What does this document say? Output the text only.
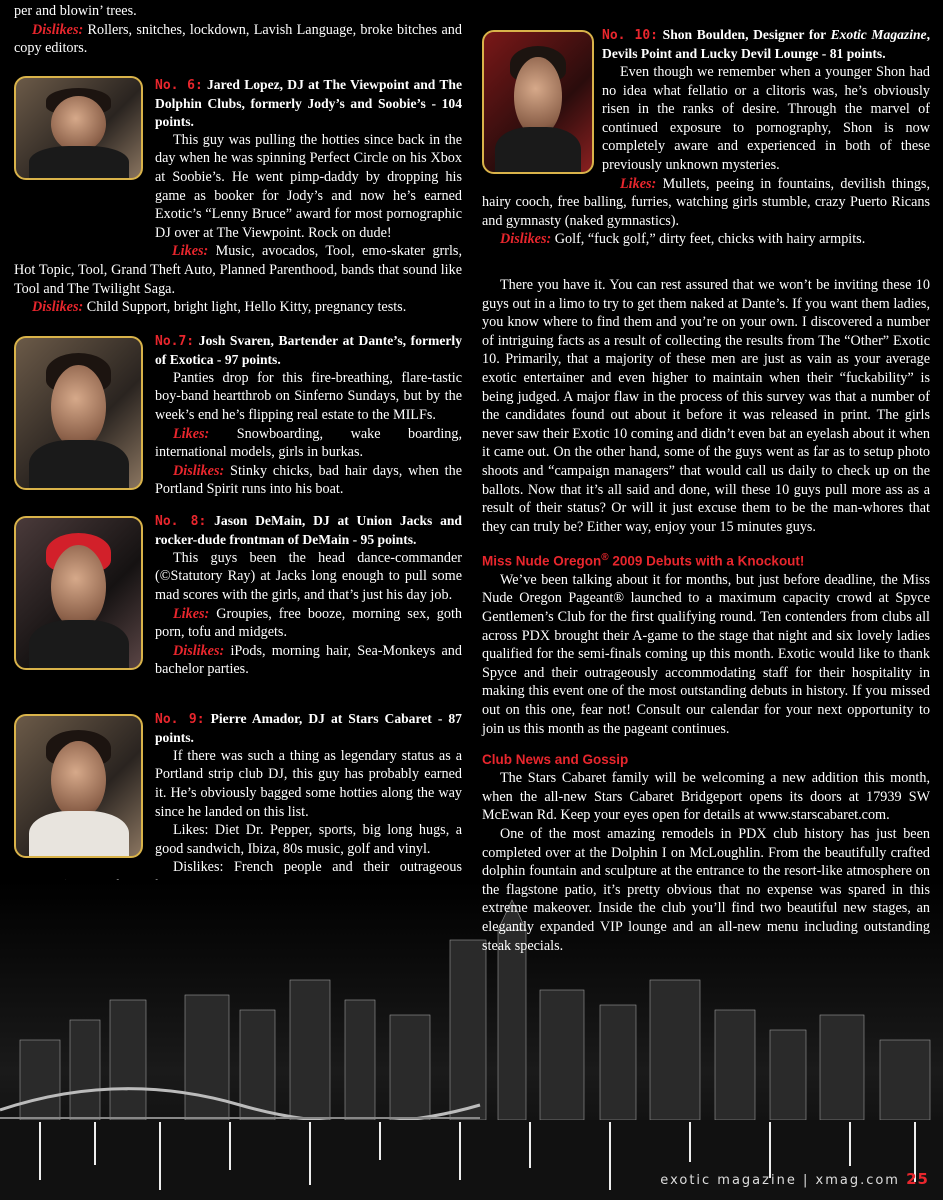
per and blowin’ trees.

Dislikes: Rollers, snitches, lockdown, Lavish Language, broke bitches and copy editors.

No. 6: Jared Lopez, DJ at The Viewpoint and The Dolphin Clubs, formerly Jody’s and Soobie’s - 104 points.

This guy was pulling the hotties since back in the day when he was spinning Perfect Circle on his Xbox at Soobie’s. He went pimp-daddy by dropping his game as booker for Jody’s and now he’s earned Exotic’s “Lenny Bruce” award for most pornographic DJ over at The Viewpoint. Rock on dude!

Likes: Music, avocados, Tool, emo-skater grrls, Hot Topic, Tool, Grand Theft Auto, Planned Parenthood, bands that sound like Tool and The Twilight Saga.

Dislikes: Child Support, bright light, Hello Kitty, pregnancy tests.

No.7: Josh Svaren, Bartender at Dante’s, formerly of Exotica - 97 points.

Panties drop for this fire-breathing, flare-tastic boy-band heartthrob on Sinferno Sundays, but by the week’s end he’s flipping real estate to the MILFs.

Likes: Snowboarding, wake boarding, international models, girls in burkas.

Dislikes: Stinky chicks, bad hair days, when the Portland Spirit runs into his boat.

No. 8: Jason DeMain, DJ at Union Jacks and rocker-dude frontman of DeMain - 95 points.

This guys been the head dance-commander (©Statutory Ray) at Jacks long enough to pull some mad scores with the girls, and that’s just his day job.

Likes: Groupies, free booze, morning sex, goth porn, tofu and midgets.

Dislikes: iPods, morning hair, Sea-Monkeys and bachelor parties.

No. 9: Pierre Amador, DJ at Stars Cabaret - 87 points.

If there was such a thing as legendary status as a Portland strip club DJ, this guy has probably earned it. He’s obviously bagged some hotties along the way since he landed on this list.

Likes: Diet Dr. Pepper, sports, big long hugs, a good sandwich, Ibiza, 80s music, golf and vinyl.

Dislikes: French people and their outrageous

No. 10: Shon Boulden, Designer for Exotic Magazine, Devils Point and Lucky Devil Lounge - 81 points.

Even though we remember when a younger Shon had no idea what fellatio or a clitoris was, he’s obviously risen in the ranks of desire. Through the marvel of continued exposure to pornography, Shon is now completely aware and experienced in both of these previously unknown mysteries.

Likes: Mullets, peeing in fountains, devilish things, hairy cooch, free balling, furries, watching girls stumble, crazy Puerto Ricans and gymnasty (naked gymnastics).

Dislikes: Golf, “fuck golf,” dirty feet, chicks with hairy armpits.

There you have it. You can rest assured that we won’t be inviting these 10 guys out in a limo to try to get them naked at Dante’s. If you want them ladies, you know where to find them and you’re on your own. I discovered a number of intriguing facts as a result of collecting the results from The “Other” Exotic 10. Primarily, that a majority of these men are just as vain as your average exotic entertainer and even higher to maintain when their “fuckability” is being judged. A major flaw in the process of this survey was that a number of the candidates found out about it before it was released in print. The girls never saw their Exotic 10 coming and didn’t even bat an eyelash about it when it came out. On the other hand, some of the guys went as far as to setup photo shoots and “campaign managers” that would call us daily to check up on the ballots. Now that it’s all said and done, will these 10 guys pull more ass as a result of their status? Or will it just excuse them to be the man-whores that they can truly be? Either way, enjoy your 15 minutes guys.

Miss Nude Oregon® 2009 Debuts with a Knockout!

We’ve been talking about it for months, but just before deadline, the Miss Nude Oregon Pageant® launched to a maximum capacity crowd at Spyce Gentlemen’s Club for the first qualifying round. Ten contenders from clubs all across PDX brought their A-game to the stage that night and six lovely ladies qualified for the semi-finals coming up this month. Exotic would like to thank Spyce and their outrageously accommodating staff for their hospitality in making this event one of the most outstanding debuts in history. If you missed out on this one, fear not! Consult our calendar for your next opportunity to join us this month as the pageant continues.

Club News and Gossip

The Stars Cabaret family will be welcoming a new addition this month, when the all-new Stars Cabaret Bridgeport opens its doors at 17939 SW McEwan Rd. Keep your eyes open for details at www.starscabaret.com.

One of the most amazing remodels in PDX club history has just been completed over at the Dolphin I on McLoughlin. From the beautifully crafted dolphin fountain and sculpture at the entrance to the resort-like atmosphere on the flagstone patio, it’s pretty obvious that no expense was spared in this extreme makeover. Inside the club you’ll find two beautiful new stages, an elegantly expanded VIP lounge and an all-new menu including outstanding steak specials.

exotic magazine | xmag.com 25
